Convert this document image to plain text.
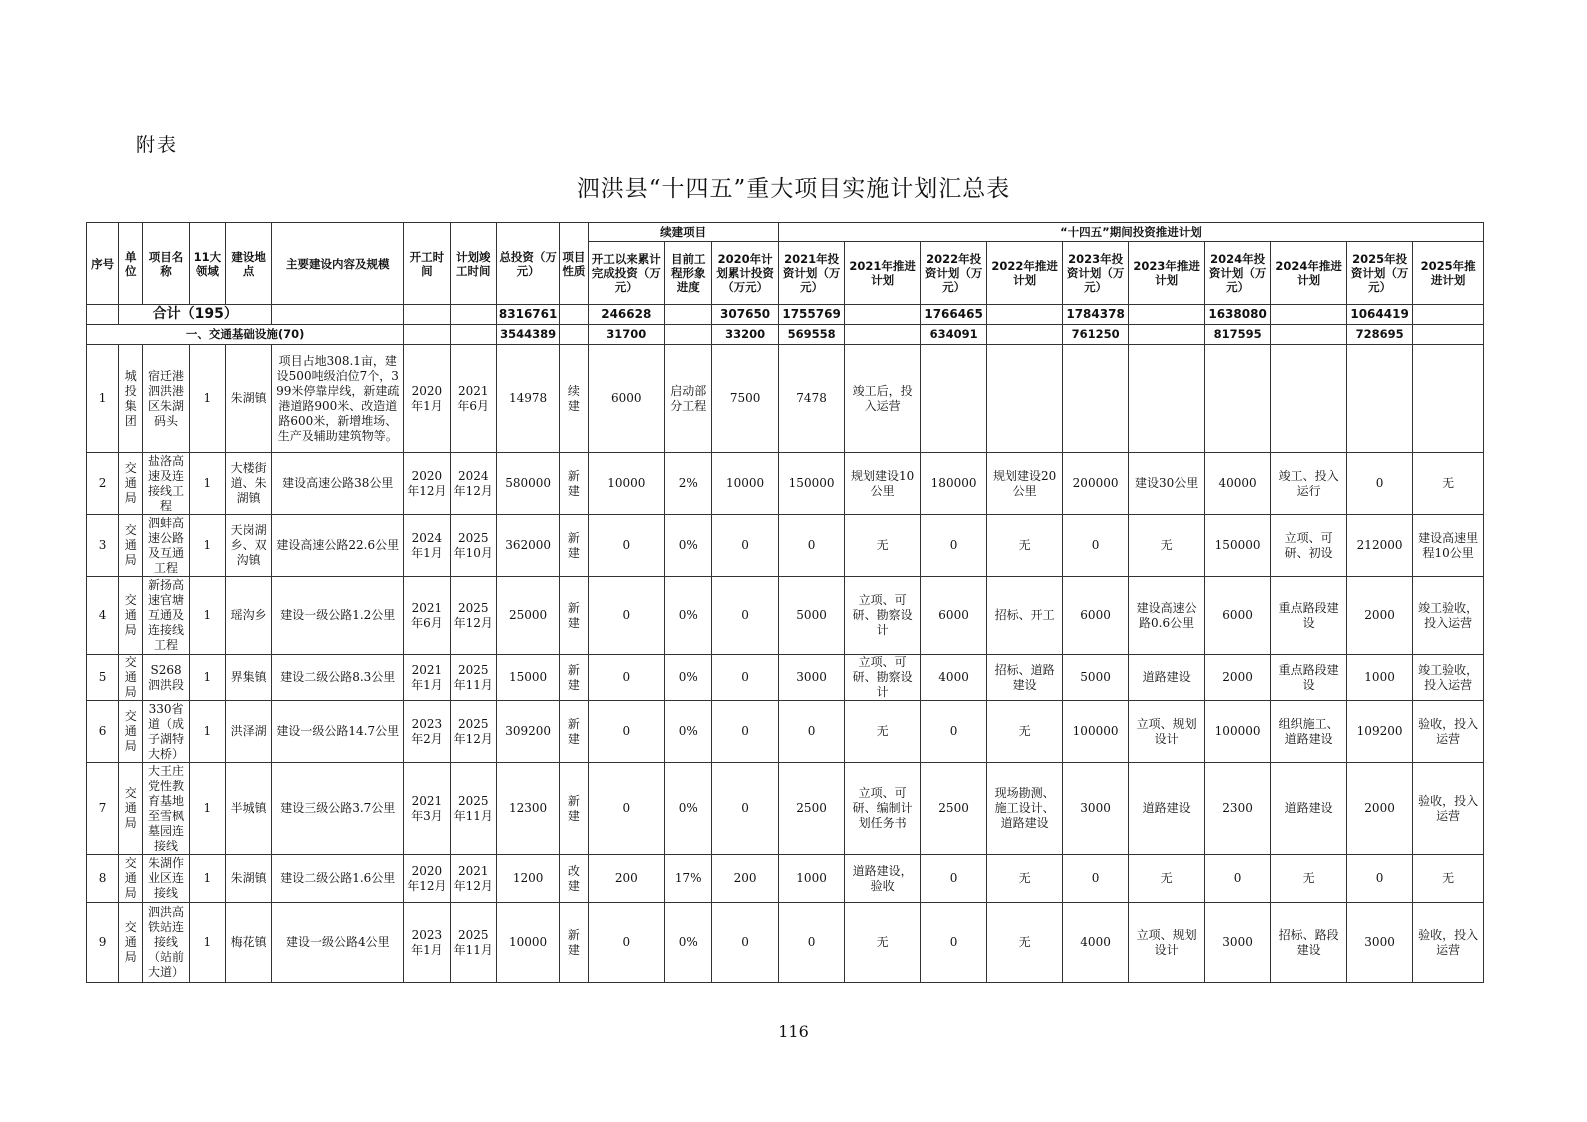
附表
泗洪县“十四五”重大项目实施计划汇总表
序号	单位	项目名称	11大领域	建设地点	主要建设内容及规模	开工时间	计划竣工时间	总投资（万元）	项目性质	续建项目			“十四五”期间投资推进计划									
										开工以来累计完成投资（万元）	目前工程形象进度	2020年计划累计投资（万元）	2021年投资计划（万元）	2021年推进计划	2022年投资计划（万元）	2022年推进计划	2023年投资计划（万元）	2023年推进计划	2024年投资计划（万元）	2024年推进计划	2025年投资计划（万元）	2025年推进计划
	合计（195）							8316761		246628		307650	1755769		1766465		1784378		1638080		1064419	
一、交通基础设施(70)								3544389		31700		33200	569558		634091		761250		817595		728695	
1	城投集团	宿迁港泗洪港区朱湖码头	1	朱湖镇	项目占地308.1亩，建设500吨级泊位7个，399米停靠岸线，新建疏港道路900米、改造道路600米，新增堆场、生产及辅助建筑物等。	2020年1月	2021年6月	14978	续建	6000	启动部分工程	7500	7478	竣工后，投入运营								
2	交通局	盐洛高速及连接线工程	1	大楼街道、朱湖镇	建设高速公路38公里	2020年12月	2024年12月	580000	新建	10000	2%	10000	150000	规划建设10公里	180000	规划建设20公里	200000	建设30公里	40000	竣工、投入运行	0	无
3	交通局	泗蚌高速公路及互通工程	1	天岗湖乡、双沟镇	建设高速公路22.6公里	2024年1月	2025年10月	362000	新建	0	0%	0	0	无	0	无	0	无	150000	立项、可研、初设	212000	建设高速里程10公里
4	交通局	新扬高速官塘互通及连接线工程	1	瑶沟乡	建设一级公路1.2公里	2021年6月	2025年12月	25000	新建	0	0%	0	5000	立项、可研、勘察设计	6000	招标、开工	6000	建设高速公路0.6公里	6000	重点路段建设	2000	竣工验收，投入运营
5	交通局	S268泗洪段	1	界集镇	建设二级公路8.3公里	2021年1月	2025年11月	15000	新建	0	0%	0	3000	立项、可研、勘察设计	4000	招标、道路建设	5000	道路建设	2000	重点路段建设	1000	竣工验收，投入运营
6	交通局	330省道（成子湖特大桥）	1	洪泽湖	建设一级公路14.7公里	2023年2月	2025年12月	309200	新建	0	0%	0	0	无	0	无	100000	立项、规划设计	100000	组织施工、道路建设	109200	验收，投入运营
7	交通局	大王庄党性教育基地至雪枫墓园连接线	1	半城镇	建设三级公路3.7公里	2021年3月	2025年11月	12300	新建	0	0%	0	2500	立项、可研、编制计划任务书	2500	现场勘测、施工设计、道路建设	3000	道路建设	2300	道路建设	2000	验收，投入运营
8	交通局	朱湖作业区连接线	1	朱湖镇	建设二级公路1.6公里	2020年12月	2021年12月	1200	改建	200	17%	200	1000	道路建设，验收	0	无	0	无	0	无	0	无
9	交通局	泗洪高铁站连接线（站前大道）	1	梅花镇	建设一级公路4公里	2023年1月	2025年11月	10000	新建	0	0%	0	0	无	0	无	4000	立项、规划设计	3000	招标、路段建设	3000	验收，投入运营
116
